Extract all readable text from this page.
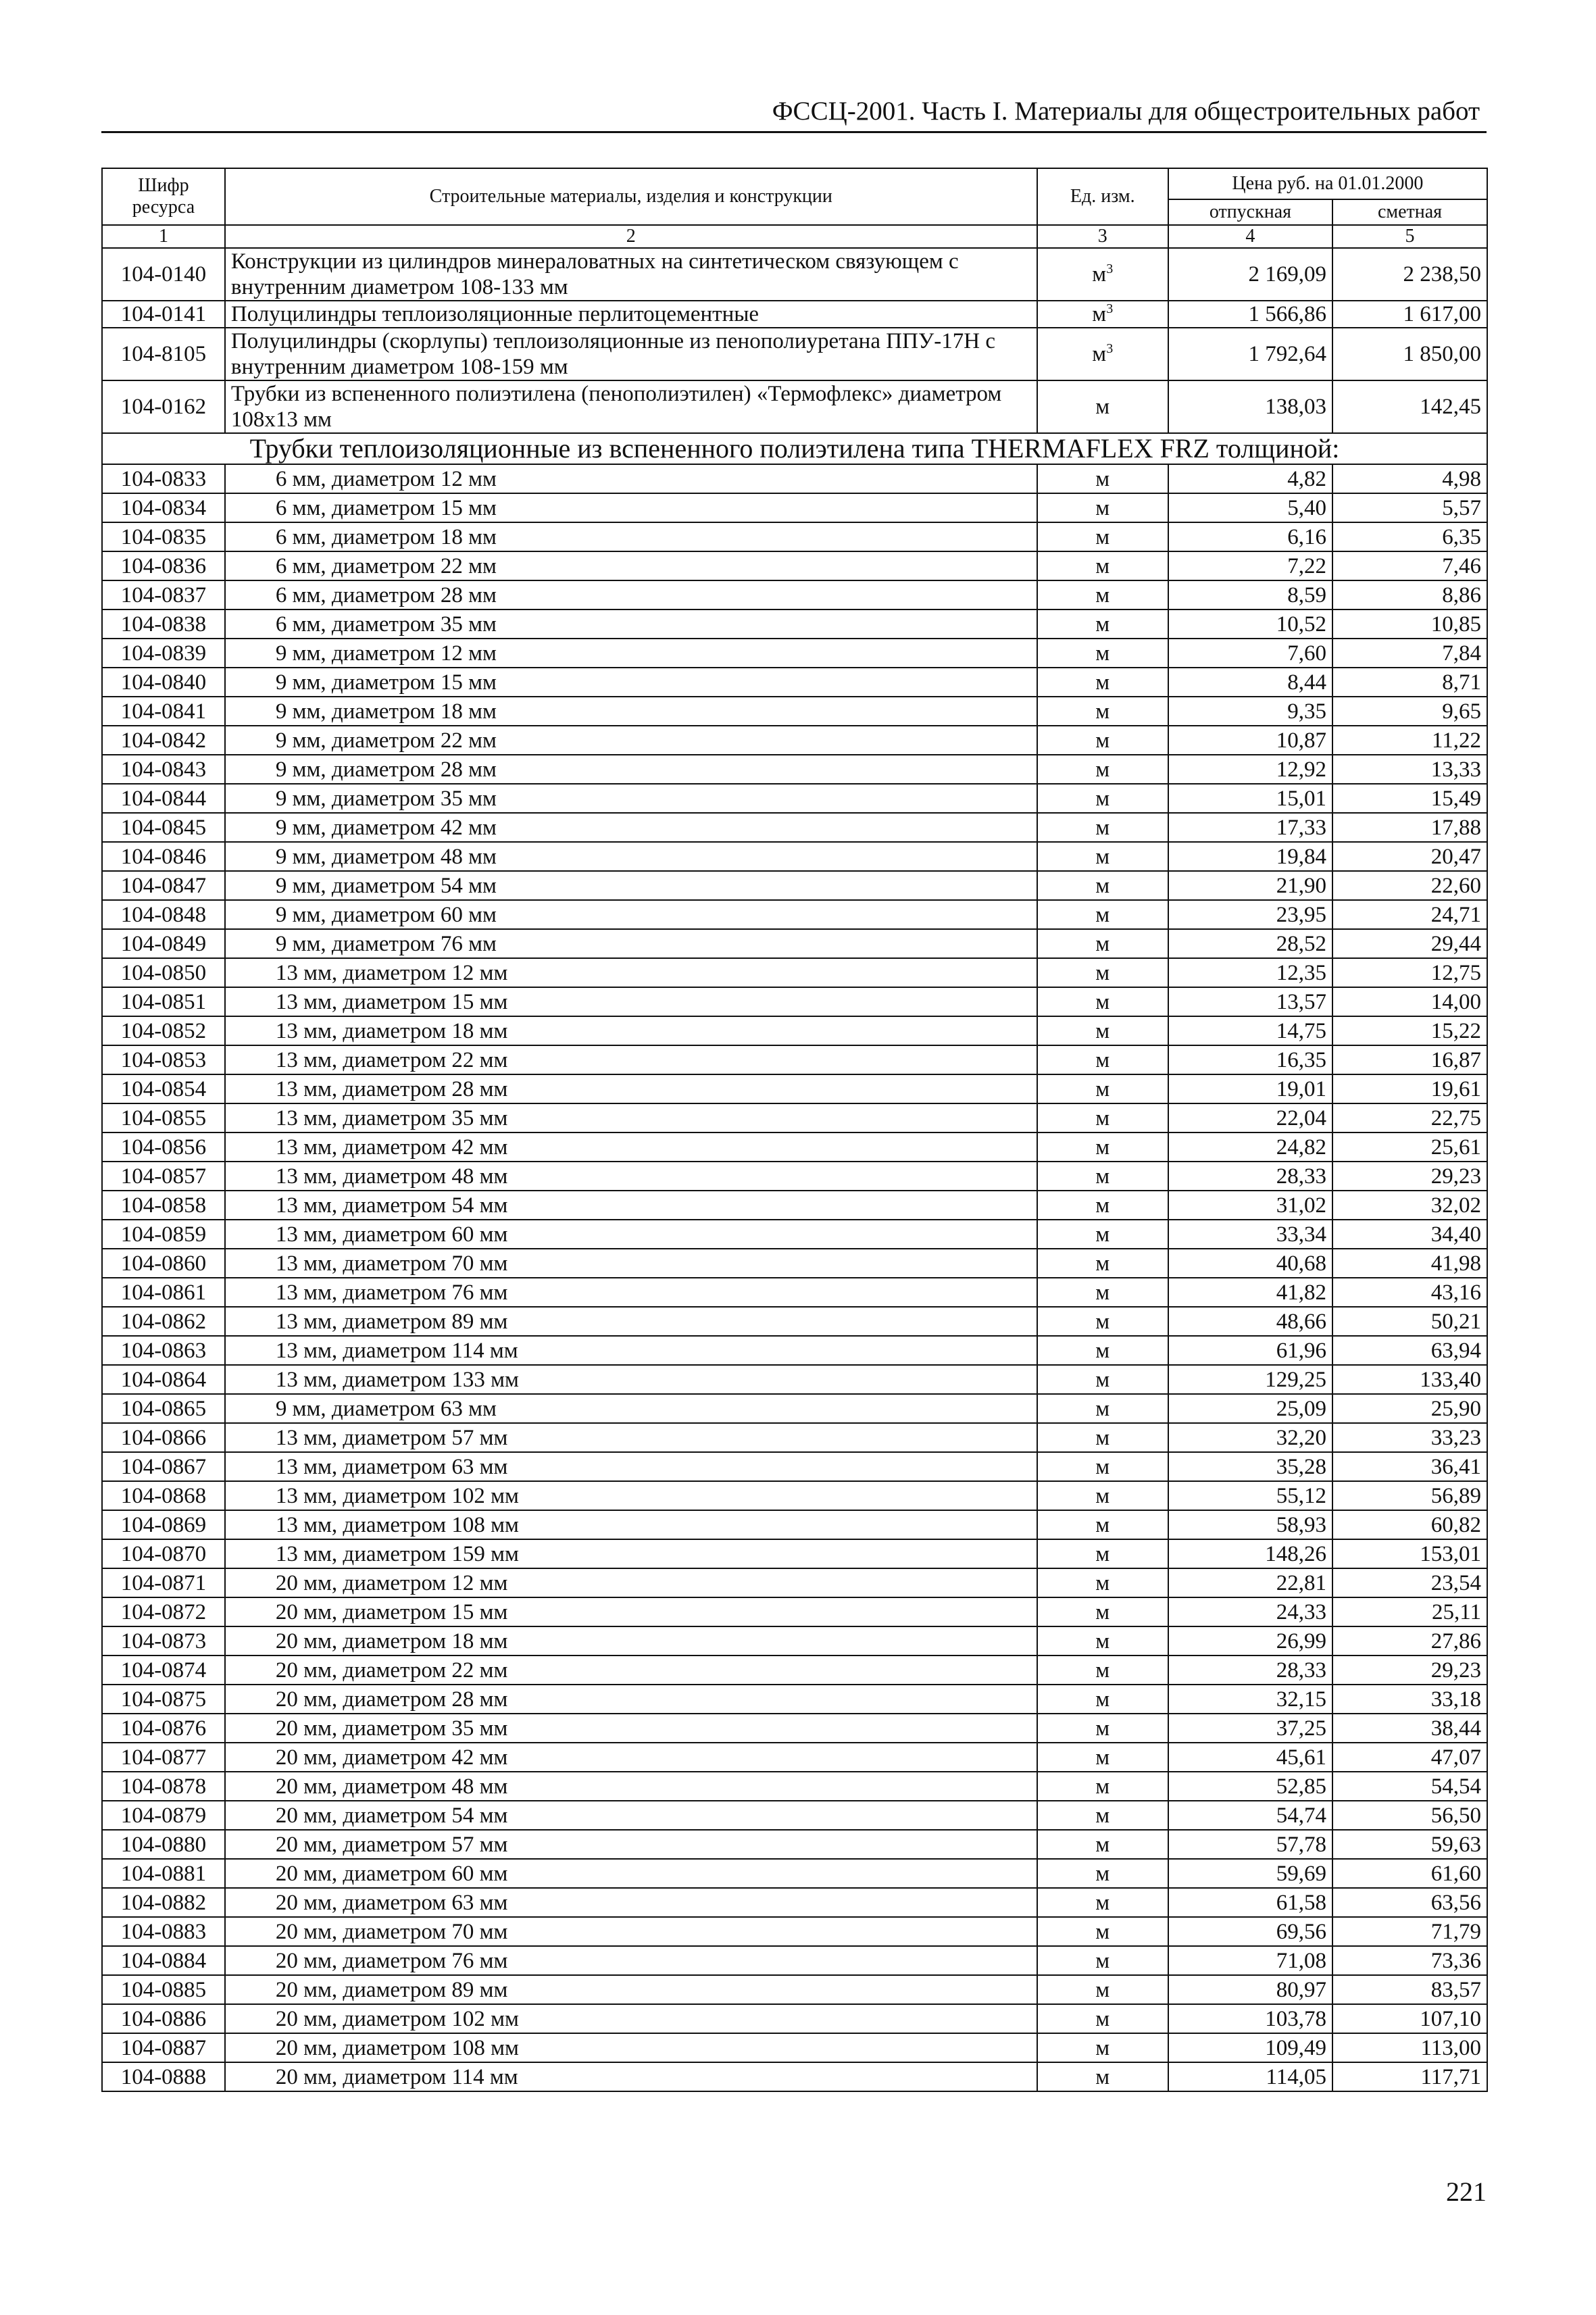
ФССЦ-2001. Часть I. Материалы для общестроительных работ
Шифр ресурса	Строительные материалы, изделия и конструкции	Ед. изм.	Цена руб. на 01.01.2000	
			отпускная	сметная
1	2	3	4	5
104-0140	Конструкции из цилиндров минераловатных на синтетическом связующем с внутренним диаметром 108-133 мм	$м^3$	2 169,09	2 238,50
104-0141	Полуцилиндры теплоизоляционные перлитоцементные	$м^3$	1 566,86	1 617,00
104-8105	Полуцилиндры (скорлупы) теплоизоляционные из пенополиуретана ППУ-17Н с внутренним диаметром 108-159 мм	$м^3$	1 792,64	1 850,00
104-0162	Трубки из вспененного полиэтилена (пенополиэтилен) «Термофлекс» диаметром 108х13 мм	м	138,03	142,45
Трубки теплоизоляционные из вспененного полиэтилена типа THERMAFLEX FRZ толщиной:				
104-0833	6 мм, диаметром 12 мм	м	4,82	4,98
104-0834	6 мм, диаметром 15 мм	м	5,40	5,57
104-0835	6 мм, диаметром 18 мм	м	6,16	6,35
104-0836	6 мм, диаметром 22 мм	м	7,22	7,46
104-0837	6 мм, диаметром 28 мм	м	8,59	8,86
104-0838	6 мм, диаметром 35 мм	м	10,52	10,85
104-0839	9 мм, диаметром 12 мм	м	7,60	7,84
104-0840	9 мм, диаметром 15 мм	м	8,44	8,71
104-0841	9 мм, диаметром 18 мм	м	9,35	9,65
104-0842	9 мм, диаметром 22 мм	м	10,87	11,22
104-0843	9 мм, диаметром 28 мм	м	12,92	13,33
104-0844	9 мм, диаметром 35 мм	м	15,01	15,49
104-0845	9 мм, диаметром 42 мм	м	17,33	17,88
104-0846	9 мм, диаметром 48 мм	м	19,84	20,47
104-0847	9 мм, диаметром 54 мм	м	21,90	22,60
104-0848	9 мм, диаметром 60 мм	м	23,95	24,71
104-0849	9 мм, диаметром 76 мм	м	28,52	29,44
104-0850	13 мм, диаметром 12 мм	м	12,35	12,75
104-0851	13 мм, диаметром 15 мм	м	13,57	14,00
104-0852	13 мм, диаметром 18 мм	м	14,75	15,22
104-0853	13 мм, диаметром 22 мм	м	16,35	16,87
104-0854	13 мм, диаметром 28 мм	м	19,01	19,61
104-0855	13 мм, диаметром 35 мм	м	22,04	22,75
104-0856	13 мм, диаметром 42 мм	м	24,82	25,61
104-0857	13 мм, диаметром 48 мм	м	28,33	29,23
104-0858	13 мм, диаметром 54 мм	м	31,02	32,02
104-0859	13 мм, диаметром 60 мм	м	33,34	34,40
104-0860	13 мм, диаметром 70 мм	м	40,68	41,98
104-0861	13 мм, диаметром 76 мм	м	41,82	43,16
104-0862	13 мм, диаметром 89 мм	м	48,66	50,21
104-0863	13 мм, диаметром 114 мм	м	61,96	63,94
104-0864	13 мм, диаметром 133 мм	м	129,25	133,40
104-0865	9 мм, диаметром 63 мм	м	25,09	25,90
104-0866	13 мм, диаметром 57 мм	м	32,20	33,23
104-0867	13 мм, диаметром 63 мм	м	35,28	36,41
104-0868	13 мм, диаметром 102 мм	м	55,12	56,89
104-0869	13 мм, диаметром 108 мм	м	58,93	60,82
104-0870	13 мм, диаметром 159 мм	м	148,26	153,01
104-0871	20 мм, диаметром 12 мм	м	22,81	23,54
104-0872	20 мм, диаметром 15 мм	м	24,33	25,11
104-0873	20 мм, диаметром 18 мм	м	26,99	27,86
104-0874	20 мм, диаметром 22 мм	м	28,33	29,23
104-0875	20 мм, диаметром 28 мм	м	32,15	33,18
104-0876	20 мм, диаметром 35 мм	м	37,25	38,44
104-0877	20 мм, диаметром 42 мм	м	45,61	47,07
104-0878	20 мм, диаметром 48 мм	м	52,85	54,54
104-0879	20 мм, диаметром 54 мм	м	54,74	56,50
104-0880	20 мм, диаметром 57 мм	м	57,78	59,63
104-0881	20 мм, диаметром 60 мм	м	59,69	61,60
104-0882	20 мм, диаметром 63 мм	м	61,58	63,56
104-0883	20 мм, диаметром 70 мм	м	69,56	71,79
104-0884	20 мм, диаметром 76 мм	м	71,08	73,36
104-0885	20 мм, диаметром 89 мм	м	80,97	83,57
104-0886	20 мм, диаметром 102 мм	м	103,78	107,10
104-0887	20 мм, диаметром 108 мм	м	109,49	113,00
104-0888	20 мм, диаметром 114 мм	м	114,05	117,71
221
